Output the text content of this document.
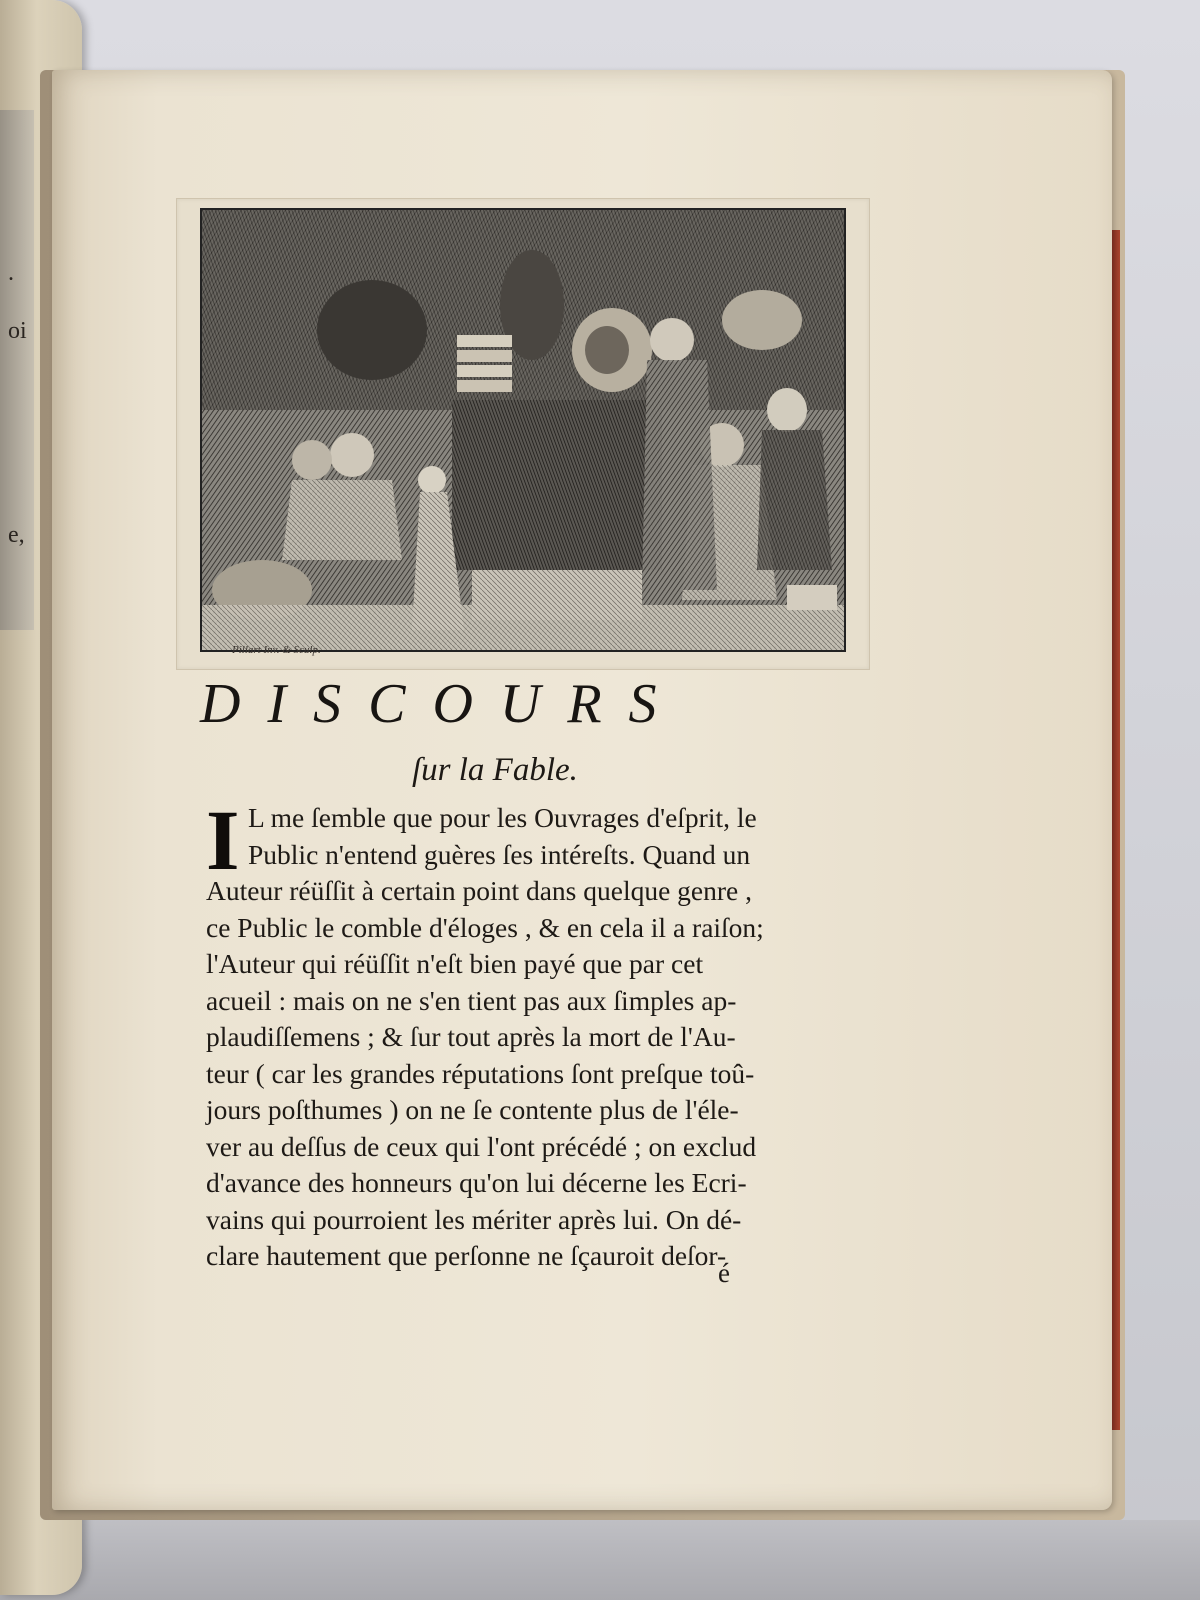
.
oi
e,
Pillart Inv. & Sculp.
DISCOURS
ſur la Fable.
I L me ſemble que pour les Ouvrages d'eſprit, le
Public n'entend guères ſes intéreſts. Quand un
Auteur réüſſit à certain point dans quelque genre ,
ce Public le comble d'éloges , & en cela il a raiſon;
l'Auteur qui réüſſit n'eſt bien payé que par cet
acueil : mais on ne s'en tient pas aux ſimples ap-
plaudiſſemens ; & ſur tout après la mort de l'Au-
teur ( car les grandes réputations ſont preſque toû-
jours poſthumes ) on ne ſe contente plus de l'éle-
ver au deſſus de ceux qui l'ont précédé ; on exclud
d'avance des honneurs qu'on lui décerne les Ecri-
vains qui pourroient les mériter après lui. On dé-
clare hautement que perſonne ne ſçauroit deſor-
é
